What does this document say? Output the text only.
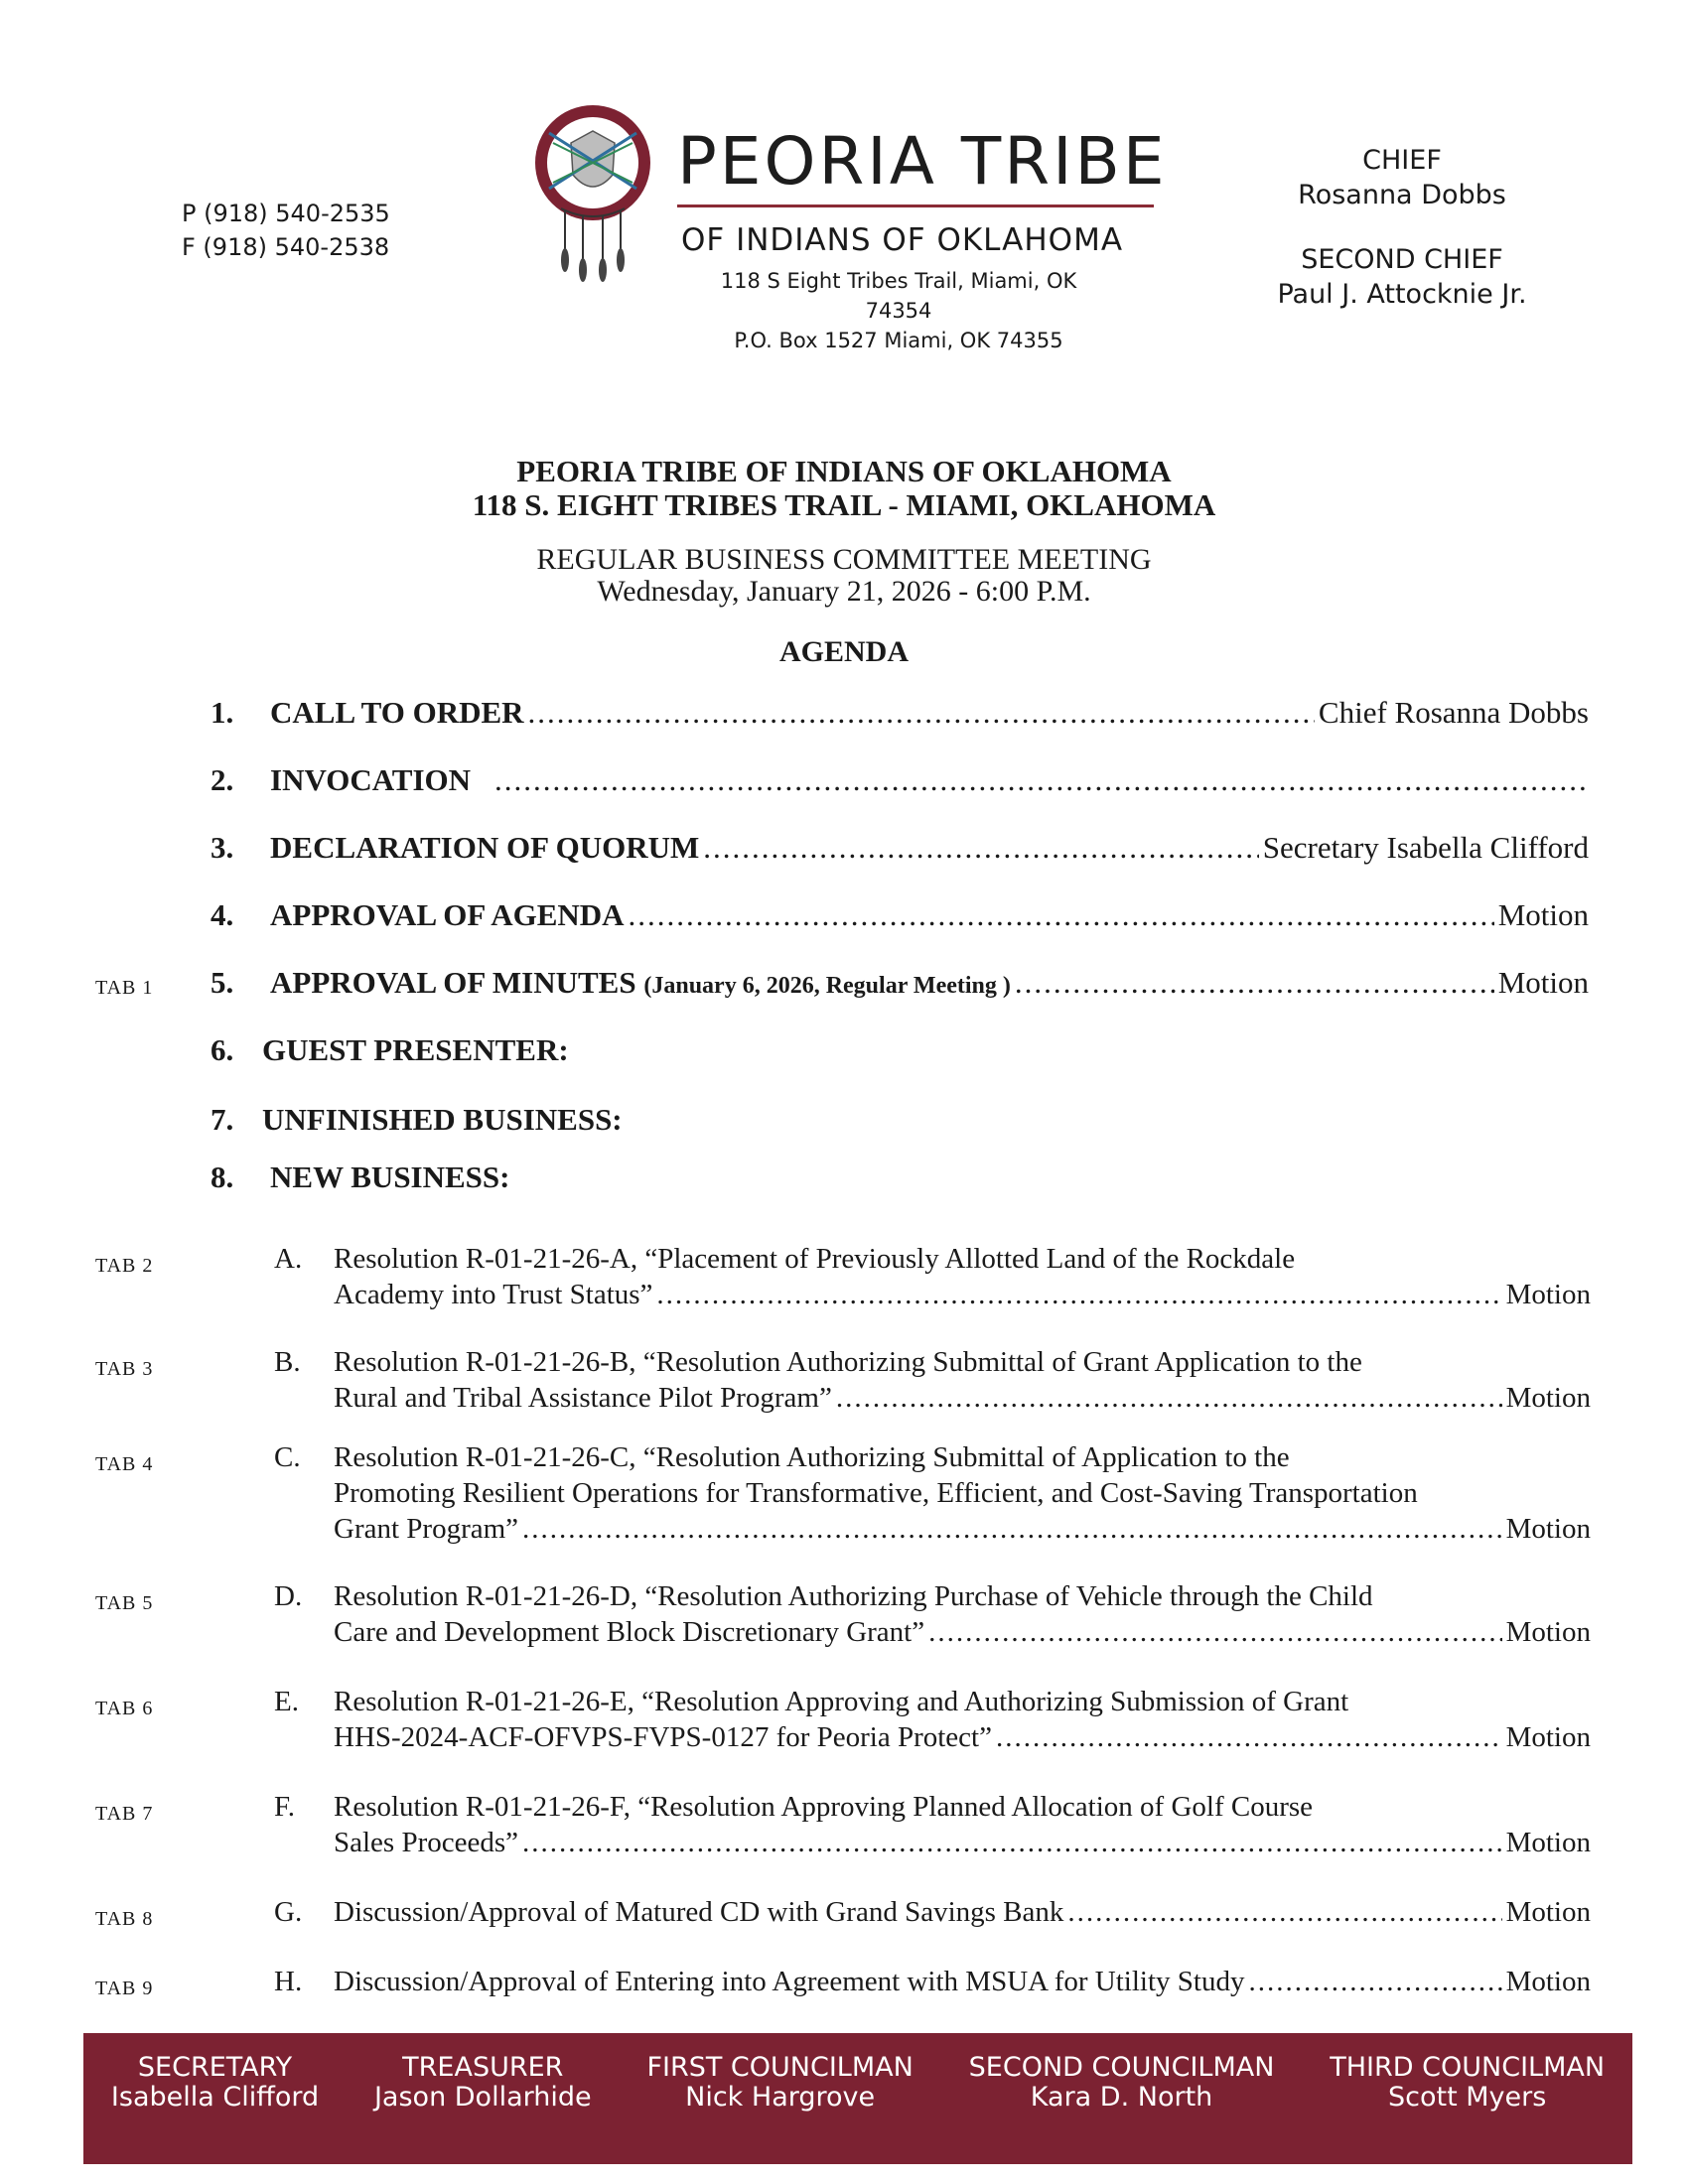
P (918) 540-2535
F (918) 540-2538
PEORIA TRIBE
OF INDIANS OF OKLAHOMA
118 S Eight Tribes Trail, Miami, OK 74354
P.O. Box 1527 Miami, OK 74355
CHIEF
Rosanna Dobbs
SECOND CHIEF
Paul J. Attocknie Jr.
PEORIA TRIBE OF INDIANS OF OKLAHOMA
118 S. EIGHT TRIBES TRAIL - MIAMI, OKLAHOMA
REGULAR BUSINESS COMMITTEE MEETING
Wednesday, January 21, 2026 - 6:00 P.M.
AGENDA
1. CALL TO ORDER .....	Chief Rosanna Dobbs
2. INVOCATION
.....
3. DECLARATION OF QUORUM .....	Secretary Isabella Clifford
4. APPROVAL OF AGENDA .....	Motion
TAB 1 5. APPROVAL OF MINUTES
(January 6, 2026, Regular Meeting ) .....	Motion
6. GUEST PRESENTER:
7. UNFINISHED BUSINESS:
8. NEW BUSINESS:
TAB 2	A. Resolution R-01-21-26-A, “Placement of Previously Allotted Land of the Rockdale
Academy into Trust Status” .....	Motion
TAB 3	B. Resolution R-01-21-26-B, “Resolution Authorizing Submittal of Grant Application to the
Rural and Tribal Assistance Pilot Program” .....	Motion
TAB 4	C. Resolution R-01-21-26-C, “Resolution Authorizing Submittal of Application to the
Promoting Resilient Operations for Transformative, Efficient, and Cost-Saving Transportation
Grant Program” .....	Motion
TAB 5	D. Resolution R-01-21-26-D, “Resolution Authorizing Purchase of Vehicle through the Child
Care and Development Block Discretionary Grant” .....	Motion
TAB 6	E. Resolution R-01-21-26-E, “Resolution Approving and Authorizing Submission of Grant
HHS-2024-ACF-OFVPS-FVPS-0127 for Peoria Protect” .....	Motion
TAB 7	F. Resolution R-01-21-26-F, “Resolution Approving Planned Allocation of Golf Course
Sales Proceeds” .....	Motion
TAB 8	G. Discussion/Approval of Matured CD with Grand Savings Bank .....	Motion
TAB 9	H. Discussion/Approval of Entering into Agreement with MSUA for Utility Study .....	Motion
SECRETARY
Isabella Clifford
TREASURER
Jason Dollarhide
FIRST COUNCILMAN
Nick Hargrove
SECOND COUNCILMAN
Kara D. North
THIRD COUNCILMAN
Scott Myers
